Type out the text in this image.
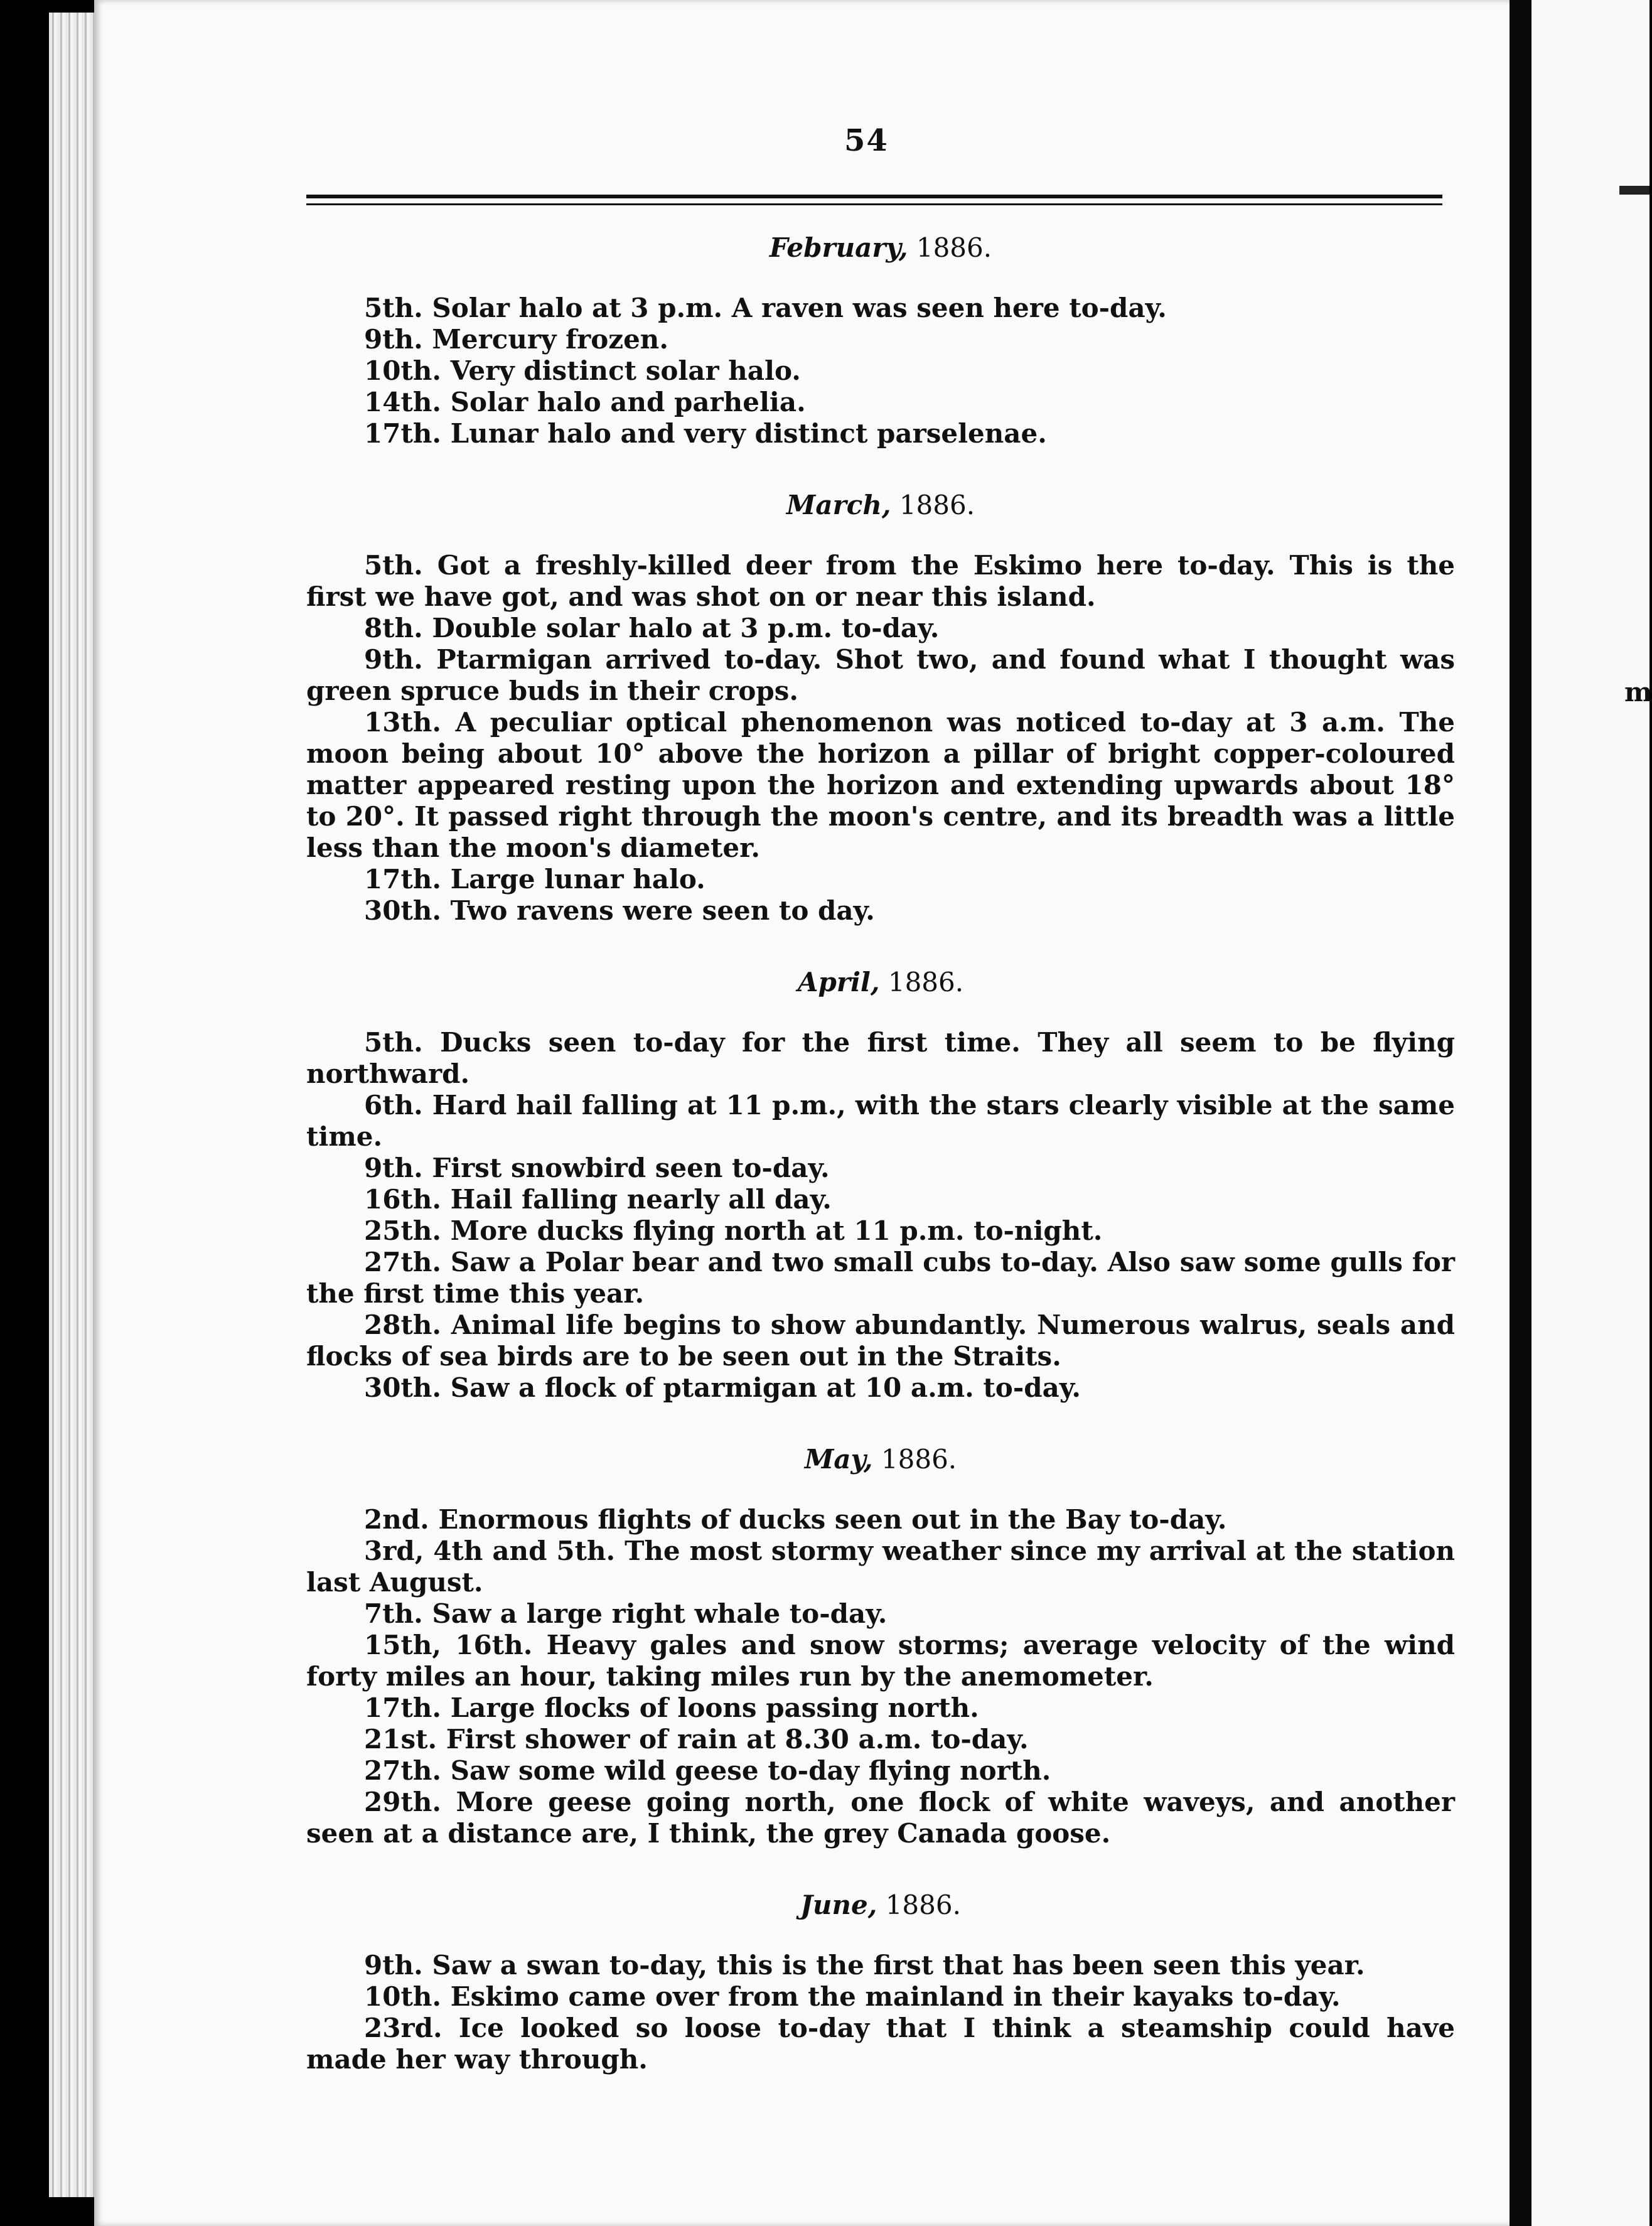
m
54
February, 1886.

5th. Solar halo at 3 p.m. A raven was seen here to-day.

9th. Mercury frozen.

10th. Very distinct solar halo.

14th. Solar halo and parhelia.

17th. Lunar halo and very distinct parselenae.

March, 1886.

5th. Got a freshly-killed deer from the Eskimo here to-day. This is the first we have got, and was shot on or near this island.

8th. Double solar halo at 3 p.m. to-day.

9th. Ptarmigan arrived to-day. Shot two, and found what I thought was green spruce buds in their crops.

13th. A peculiar optical phenomenon was noticed to-day at 3 a.m. The moon being about 10° above the horizon a pillar of bright copper-coloured matter appeared resting upon the horizon and extending upwards about 18° to 20°. It passed right through the moon's centre, and its breadth was a little less than the moon's diameter.

17th. Large lunar halo.

30th. Two ravens were seen to day.

April, 1886.

5th. Ducks seen to-day for the first time. They all seem to be flying northward.

6th. Hard hail falling at 11 p.m., with the stars clearly visible at the same time.

9th. First snowbird seen to-day.

16th. Hail falling nearly all day.

25th. More ducks flying north at 11 p.m. to-night.

27th. Saw a Polar bear and two small cubs to-day. Also saw some gulls for the first time this year.

28th. Animal life begins to show abundantly. Numerous walrus, seals and flocks of sea birds are to be seen out in the Straits.

30th. Saw a flock of ptarmigan at 10 a.m. to-day.

May, 1886.

2nd. Enormous flights of ducks seen out in the Bay to-day.

3rd, 4th and 5th. The most stormy weather since my arrival at the station last August.

7th. Saw a large right whale to-day.

15th, 16th. Heavy gales and snow storms; average velocity of the wind forty miles an hour, taking miles run by the anemometer.

17th. Large flocks of loons passing north.

21st. First shower of rain at 8.30 a.m. to-day.

27th. Saw some wild geese to-day flying north.

29th. More geese going north, one flock of white waveys, and another seen at a distance are, I think, the grey Canada goose.

June, 1886.

9th. Saw a swan to-day, this is the first that has been seen this year.

10th. Eskimo came over from the mainland in their kayaks to-day.

23rd. Ice looked so loose to-day that I think a steamship could have made her way through.
